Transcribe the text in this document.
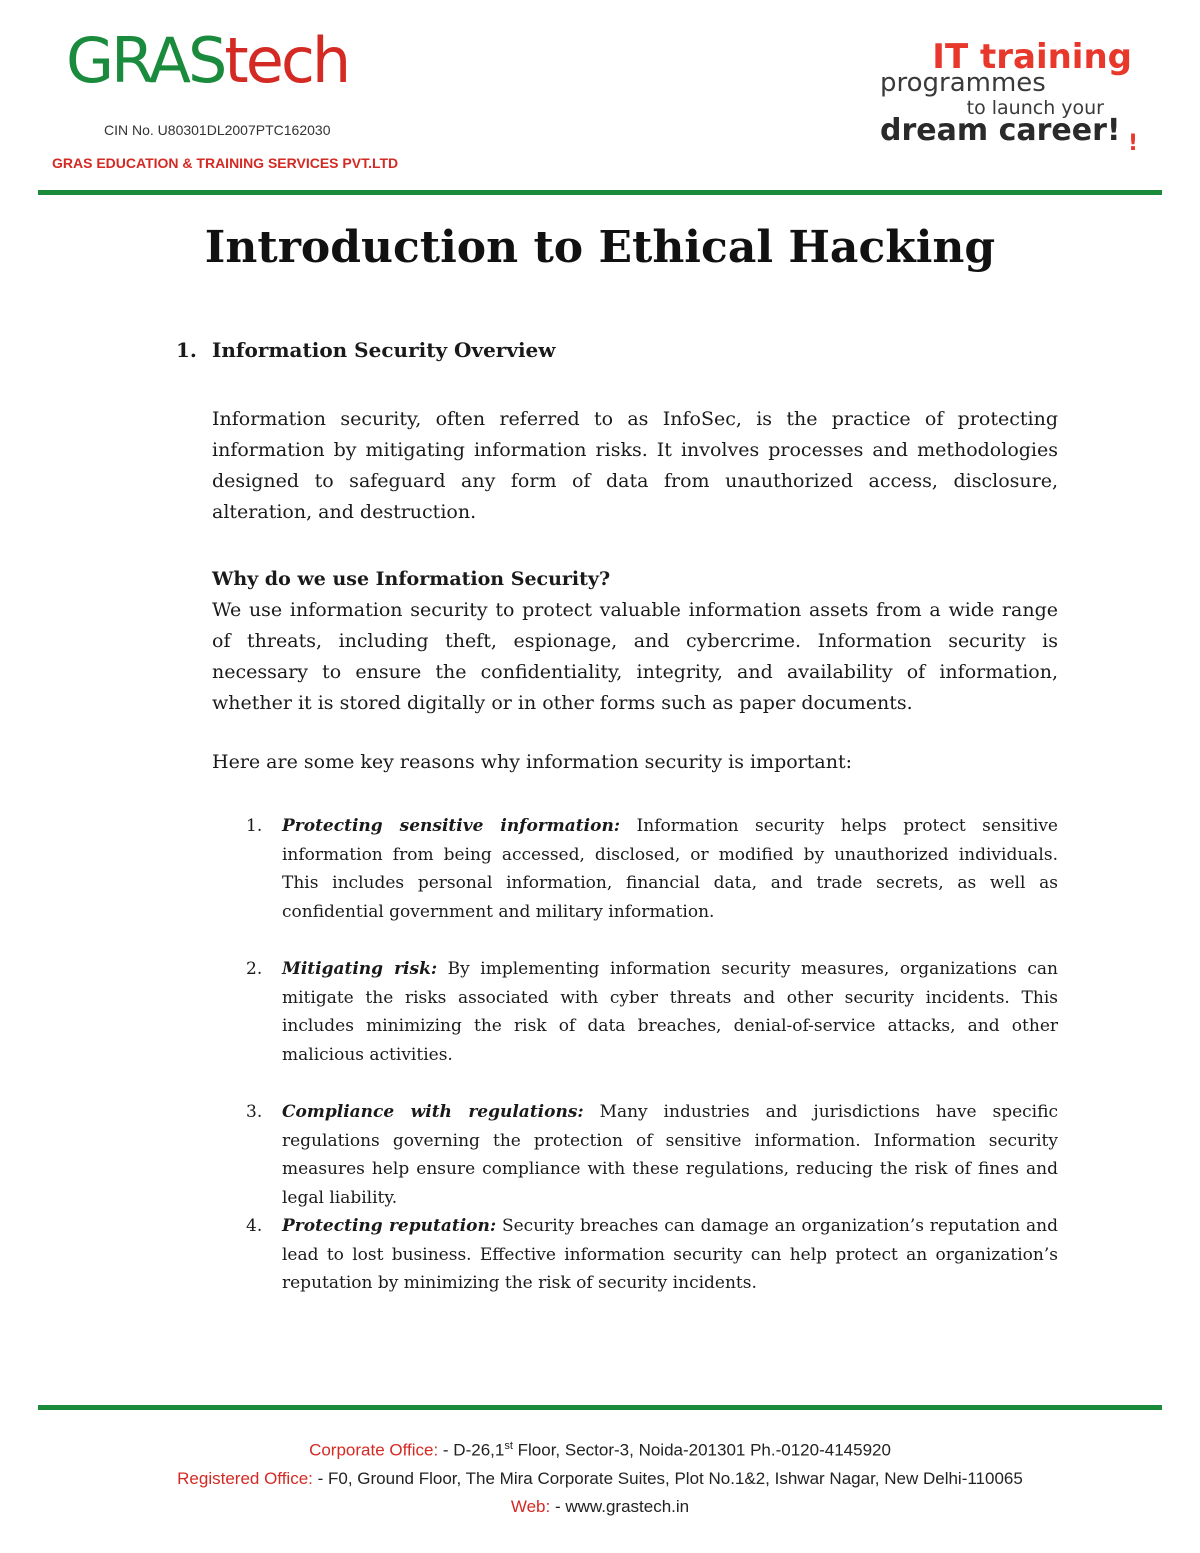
GRAStech
CIN No. U80301DL2007PTC162030
GRAS EDUCATION & TRAINING SERVICES PVT.LTD
IT training
programmes
to launch your
dream career! !
Introduction to Ethical Hacking
1. Information Security Overview

Information security, often referred to as InfoSec, is the practice of protecting information by mitigating information risks. It involves processes and methodologies designed to safeguard any form of data from unauthorized access, disclosure, alteration, and destruction.

Why do we use Information Security?

We use information security to protect valuable information assets from a wide range of threats, including theft, espionage, and cybercrime. Information security is necessary to ensure the confidentiality, integrity, and availability of information, whether it is stored digitally or in other forms such as paper documents.

Here are some key reasons why information security is important:
1. Protecting sensitive information: Information security helps protect sensitive information from being accessed, disclosed, or modified by unauthorized individuals. This includes personal information, financial data, and trade secrets, as well as confidential government and military information.
2. Mitigating risk: By implementing information security measures, organizations can mitigate the risks associated with cyber threats and other security incidents. This includes minimizing the risk of data breaches, denial-of-service attacks, and other malicious activities.
3. Compliance with regulations: Many industries and jurisdictions have specific regulations governing the protection of sensitive information. Information security measures help ensure compliance with these regulations, reducing the risk of fines and legal liability.
4. Protecting reputation: Security breaches can damage an organization’s reputation and lead to lost business. Effective information security can help protect an organization’s reputation by minimizing the risk of security incidents.
Corporate Office: - D-26,1st Floor, Sector-3, Noida-201301 Ph.-0120-4145920
Registered Office: - F0, Ground Floor, The Mira Corporate Suites, Plot No.1&2, Ishwar Nagar, New Delhi-110065
Web: - www.grastech.in
